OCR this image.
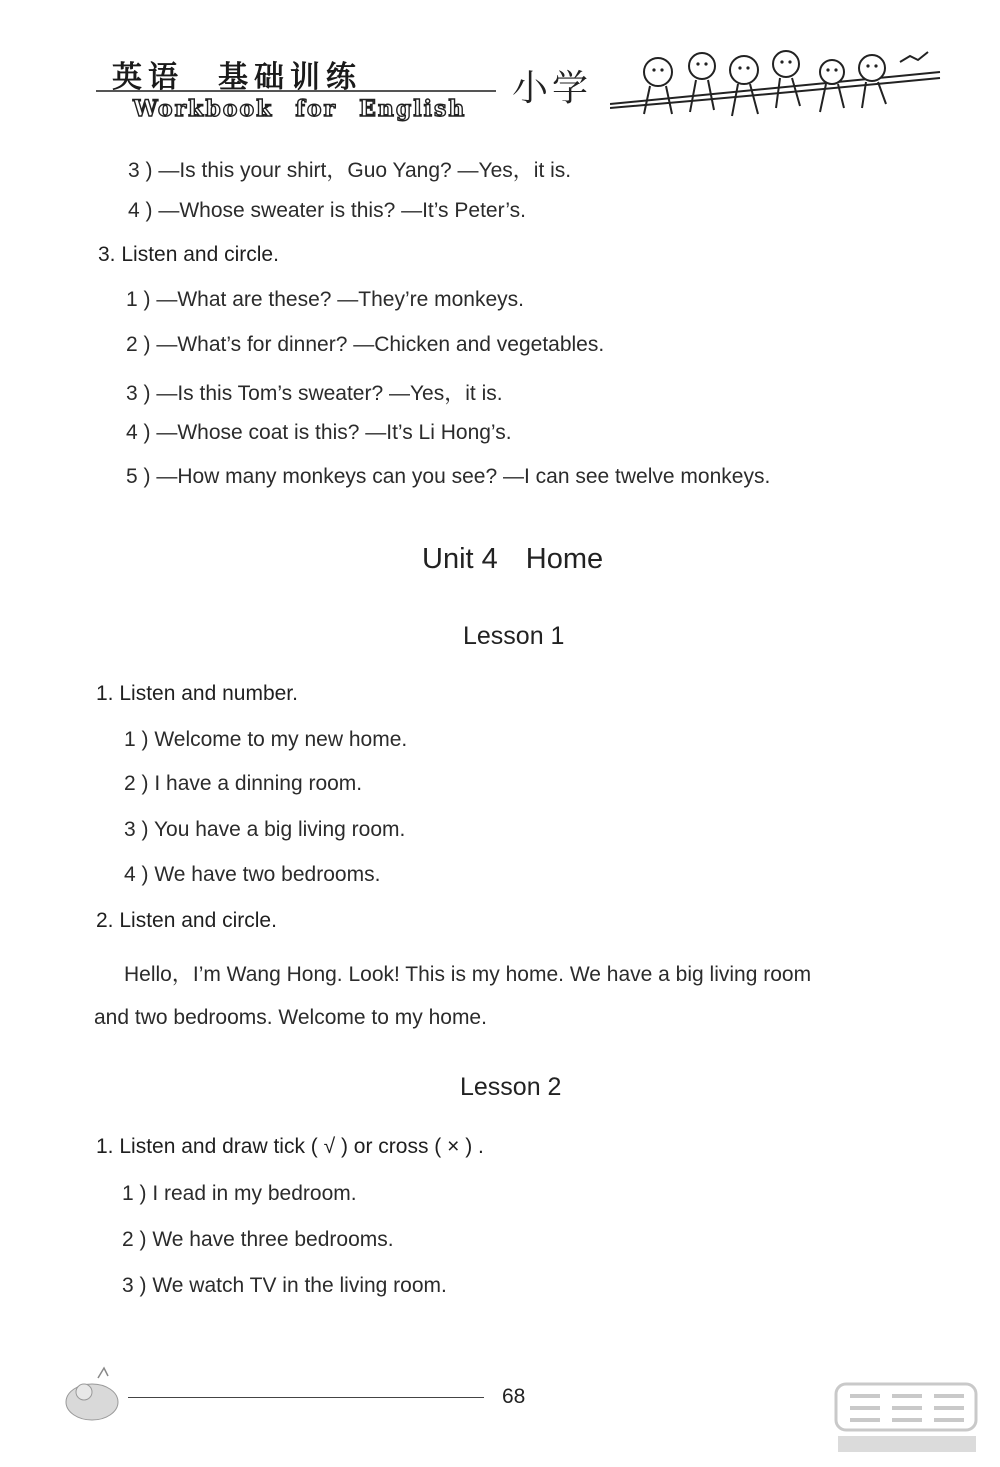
英语 基础训练
Workbook for English 小学
3 ) —Is this your shirt，Guo Yang? —Yes，it is.
4 ) —Whose sweater is this? —It’s Peter’s.
3. Listen and circle.
1 ) —What are these? —They’re monkeys.
2 ) —What’s for dinner? —Chicken and vegetables.
3 ) —Is this Tom’s sweater? —Yes，it is.
4 ) —Whose coat is this? —It’s Li Hong’s.
5 ) —How many monkeys can you see? —I can see twelve monkeys.
Unit 4 Home
Lesson 1
1. Listen and number.
1 ) Welcome to my new home.
2 ) I have a dinning room.
3 ) You have a big living room.
4 ) We have two bedrooms.
2. Listen and circle.
Hello，I’m Wang Hong. Look! This is my home. We have a big living room
and two bedrooms. Welcome to my home.
Lesson 2
1. Listen and draw tick ( √ ) or cross ( × ) .
1 ) I read in my bedroom.
2 ) We have three bedrooms.
3 ) We watch TV in the living room.
68
